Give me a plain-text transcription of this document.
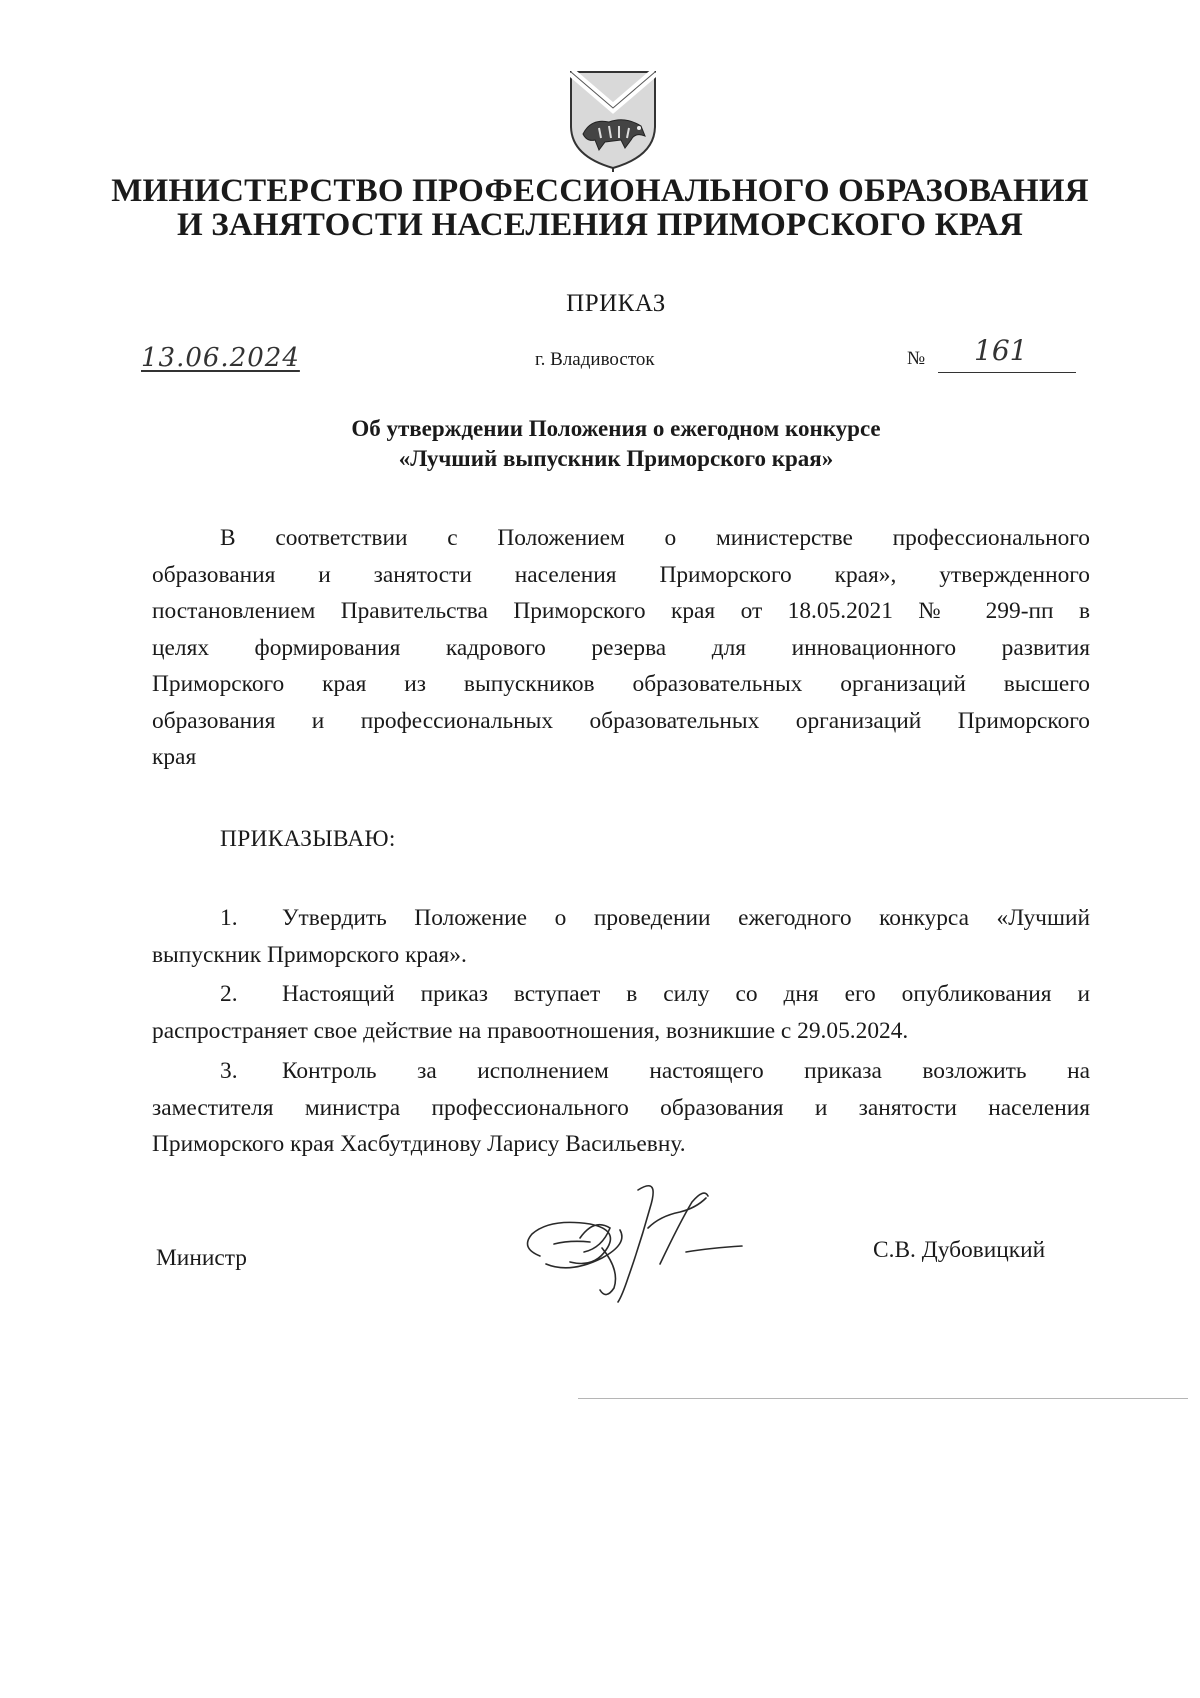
МИНИСТЕРСТВО ПРОФЕССИОНАЛЬНОГО ОБРАЗОВАНИЯ
И ЗАНЯТОСТИ НАСЕЛЕНИЯ ПРИМОРСКОГО КРАЯ
ПРИКАЗ
13.06.2024	г. Владивосток	№ 161
Об утверждении Положения о ежегодном конкурсе
«Лучший выпускник Приморского края»
В соответствии с Положением о министерстве профессионального
образования и занятости населения Приморского края», утвержденного
постановлением Правительства Приморского края от 18.05.2021 № 299-пп в
целях формирования кадрового резерва для инновационного развития
Приморского края из выпускников образовательных организаций высшего
образования и профессиональных образовательных организаций Приморского
края
ПРИКАЗЫВАЮ:
1. Утвердить Положение о проведении ежегодного конкурса «Лучший
выпускник Приморского края».
2. Настоящий приказ вступает в силу со дня его опубликования и
распространяет свое действие на правоотношения, возникшие с 29.05.2024.
3. Контроль за исполнением настоящего приказа возложить на
заместителя министра профессионального образования и занятости населения
Приморского края Хасбутдинову Ларису Васильевну.
Министр	С.В. Дубовицкий
